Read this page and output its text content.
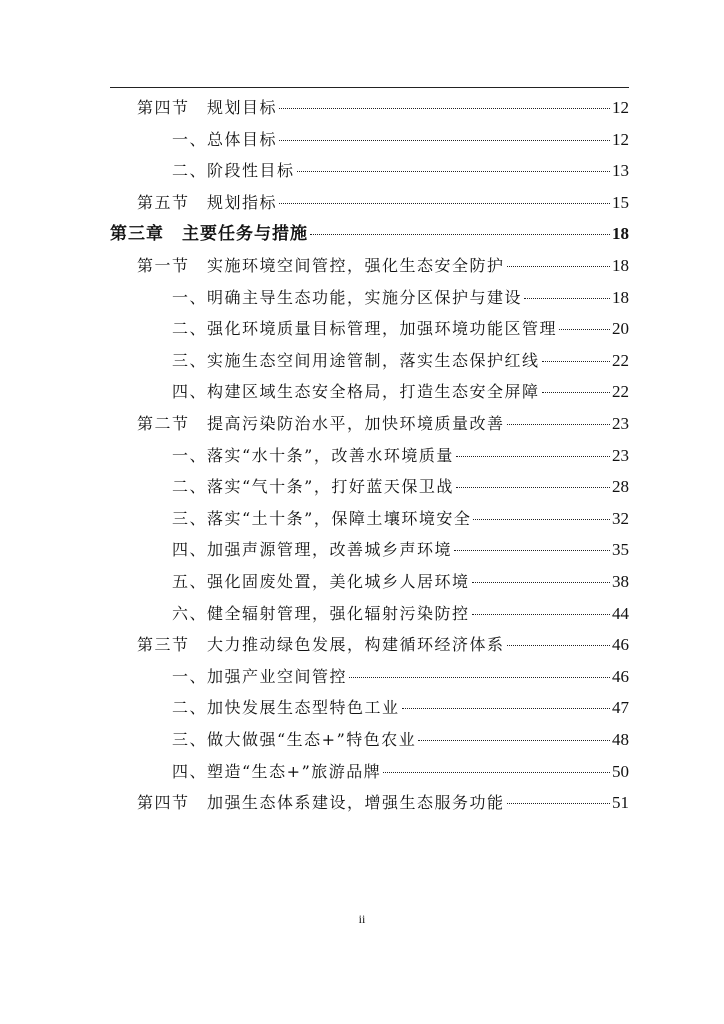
第四节　规划目标	12
一、总体目标	12
二、阶段性目标	13
第五节　规划指标	15
第三章　主要任务与措施	18
第一节　实施环境空间管控，强化生态安全防护	18
一、明确主导生态功能，实施分区保护与建设	18
二、强化环境质量目标管理，加强环境功能区管理	20
三、实施生态空间用途管制，落实生态保护红线	22
四、构建区域生态安全格局，打造生态安全屏障	22
第二节　提高污染防治水平，加快环境质量改善	23
一、落实“水十条”，改善水环境质量	23
二、落实“气十条”，打好蓝天保卫战	28
三、落实“土十条”，保障土壤环境安全	32
四、加强声源管理，改善城乡声环境	35
五、强化固废处置，美化城乡人居环境	38
六、健全辐射管理，强化辐射污染防控	44
第三节　大力推动绿色发展，构建循环经济体系	46
一、加强产业空间管控	46
二、加快发展生态型特色工业	47
三、做大做强“生态+”特色农业	48
四、塑造“生态+”旅游品牌	50
第四节　加强生态体系建设，增强生态服务功能	51
ii
